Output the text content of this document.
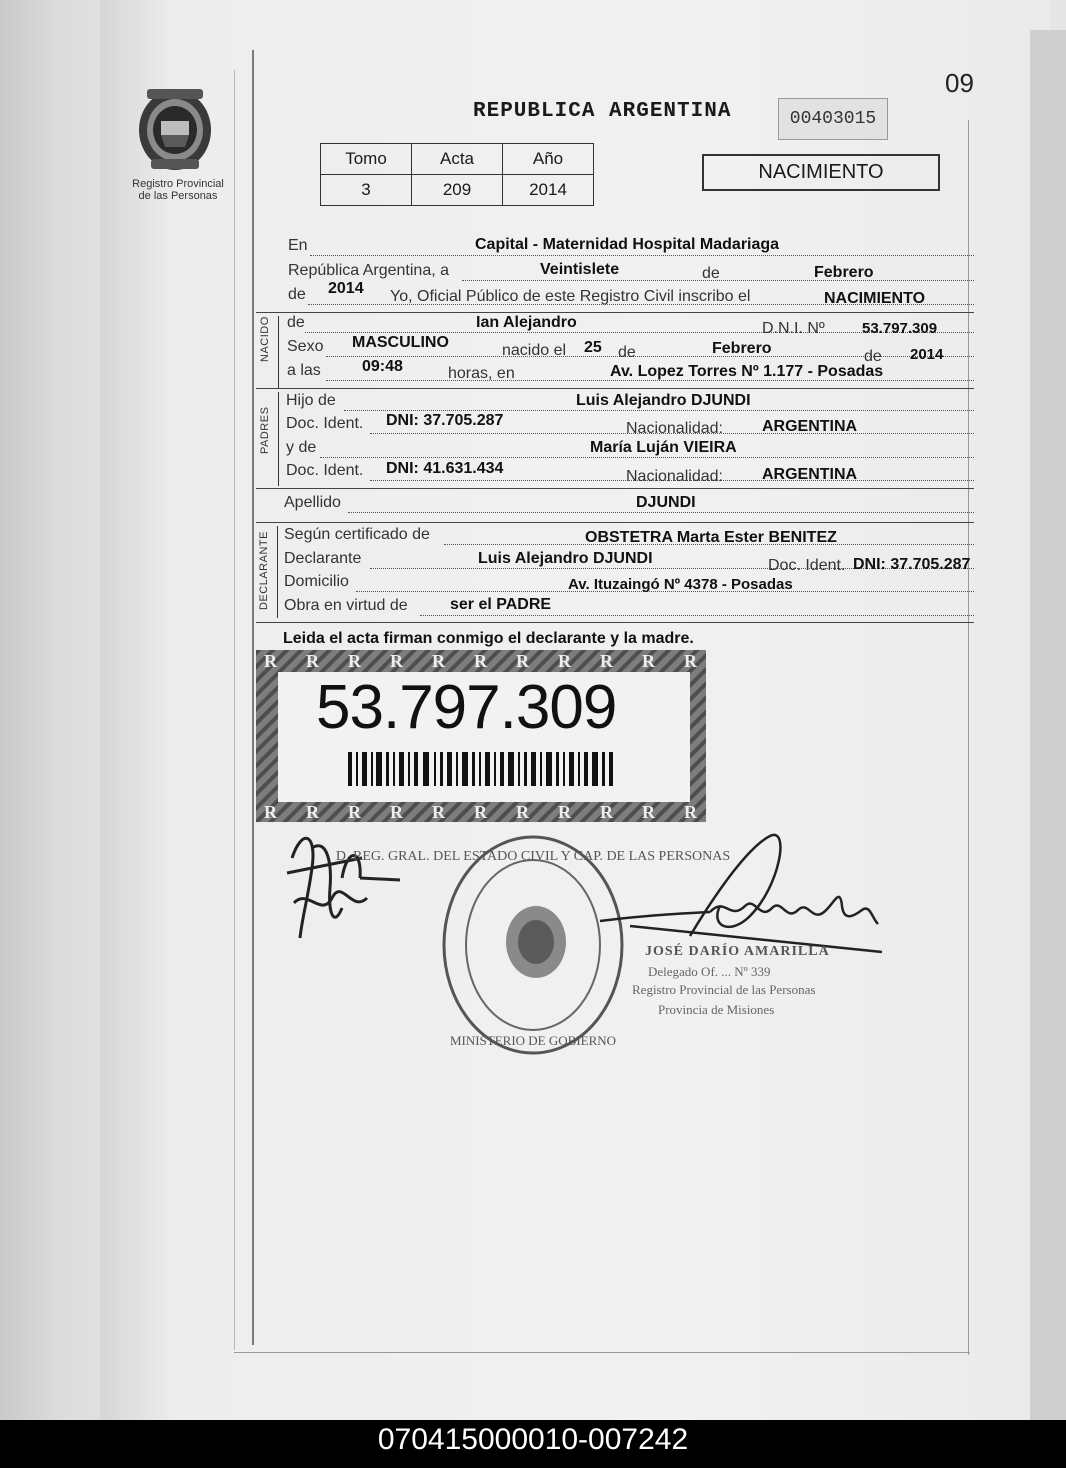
Registro Provincial
de las Personas
09
REPUBLICA ARGENTINA	00403015
Tomo	Acta	Año
3	209	2014
NACIMIENTO
En	Capital - Maternidad Hospital Madariaga
República Argentina, a	Veintislete	de	Febrero
de 2014 Yo, Oficial Público de este Registro Civil inscribo el	NACIMIENTO
NACIDO de	Ian Alejandro	D.N.I. Nº 53.797.309
Sexo MASCULINO	nacido el 25 de	Febrero	de 2014
a las	09:48	horas, en	Av. Lopez Torres Nº 1.177 - Posadas
PADRES
Hijo de	Luis Alejandro DJUNDI
Doc. Ident. DNI: 37.705.287	Nacionalidad: ARGENTINA
y de	María Luján VIEIRA
Doc. Ident. DNI: 41.631.434	Nacionalidad: ARGENTINA
Apellido	DJUNDI
DECLARANTE Según certificado de	OBSTETRA Marta Ester BENITEZ
Declarante	Luis Alejandro DJUNDI	Doc. Ident. DNI: 37.705.287
Domicilio	Av. Ituzaingó Nº 4378 - Posadas
Obra en virtud de	ser el PADRE
Leida el acta firman conmigo el declarante y la madre.
R R R R R R R R R R R
R R R R R R R R R R R
53.797.309
D. REG. GRAL. DEL ESTADO CIVIL Y CAP. DE LAS PERSONAS
MINISTERIO DE GOBIERNO
JOSÉ DARÍO AMARILLA
Delegado Of. ... Nº 339
Registro Provincial de las Personas
Provincia de Misiones
070415000010-007242
